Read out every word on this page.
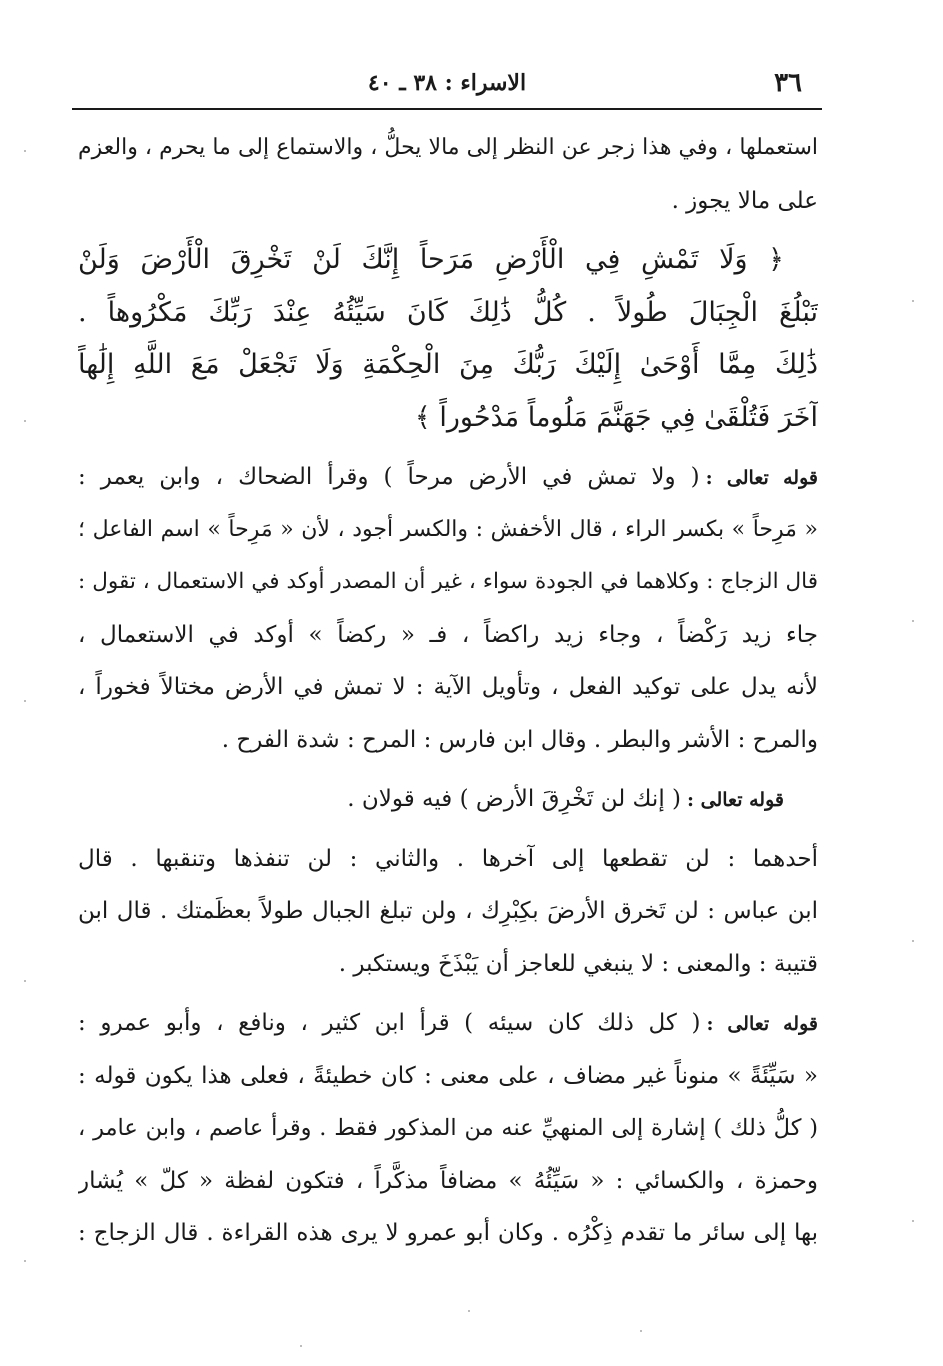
٣٦
الاسراء : ٣٨ ـ ٤٠
استعملها ، وفي هذا زجر عن النظر إلى مالا يحلُّ ، والاستماع إلى ما يحرم ، والعزم
على مالا يجوز .
﴿ وَلَا تَمْشِ فِي الْأَرْضِ مَرَحاً إِنَّكَ لَنْ تَخْرِقَ الْأَرْضَ وَلَنْ
تَبْلُغَ الْجِبَالَ طُولاً . كُلُّ ذَٰلِكَ كَانَ سَيِّئُهُ عِنْدَ رَبِّكَ مَكْرُوهاً .
ذَٰلِكَ مِمَّا أَوْحَىٰ إِلَيْكَ رَبُّكَ مِنَ الْحِكْمَةِ وَلَا تَجْعَلْ مَعَ اللَّهِ إِلَٰهاً
آخَرَ فَتُلْقَىٰ فِي جَهَنَّمَ مَلُوماً مَدْحُوراً ﴾
قوله تعالى :( ولا تمش في الأرض مرحاً ) وقرأ الضحاك ، وابن يعمر :
« مَرِحاً » بكسر الراء ، قال الأخفش : والكسر أجود ، لأن « مَرِحاً » اسم الفاعل ؛
قال الزجاج : وكلاهما في الجودة سواء ، غير أن المصدر أوكد في الاستعمال ، تقول :
جاء زيد رَكْضاً ، وجاء زيد راكضاً ، فـ « ركضاً » أوكد في الاستعمال ،
لأنه يدل على توكيد الفعل ، وتأويل الآية : لا تمش في الأرض مختالاً فخوراً ،
والمرح : الأشر والبطر . وقال ابن فارس : المرح : شدة الفرح .
قوله تعالى :( إنك لن تَخْرِقَ الأرض ) فيه قولان .
أحدهما : لن تقطعها إلى آخرها . والثاني : لن تنفذها وتنقبها . قال
ابن عباس : لن تَخرق الأرضَ بكِبْرِك ، ولن تبلغ الجبال طولاً بعظَمتك . قال ابن
قتيبة : والمعنى : لا ينبغي للعاجز أن يَبْذَخَ ويستكبر .
قوله تعالى :( كل ذلك كان سيئه ) قرأ ابن كثير ، ونافع ، وأبو عمرو :
« سَيِّئَةً » منوناً غير مضاف ، على معنى : كان خطيئةً ، فعلى هذا يكون قوله :
( كلُّ ذلك ) إشارة إلى المنهيِّ عنه من المذكور فقط . وقرأ عاصم ، وابن عامر ،
وحمزة ، والكسائي : « سَيِّئُهُ » مضافاً مذكَّراً ، فتكون لفظة « كلّ » يُشار
بها إلى سائر ما تقدم ذِكْرُه . وكان أبو عمرو لا يرى هذه القراءة . قال الزجاج :
